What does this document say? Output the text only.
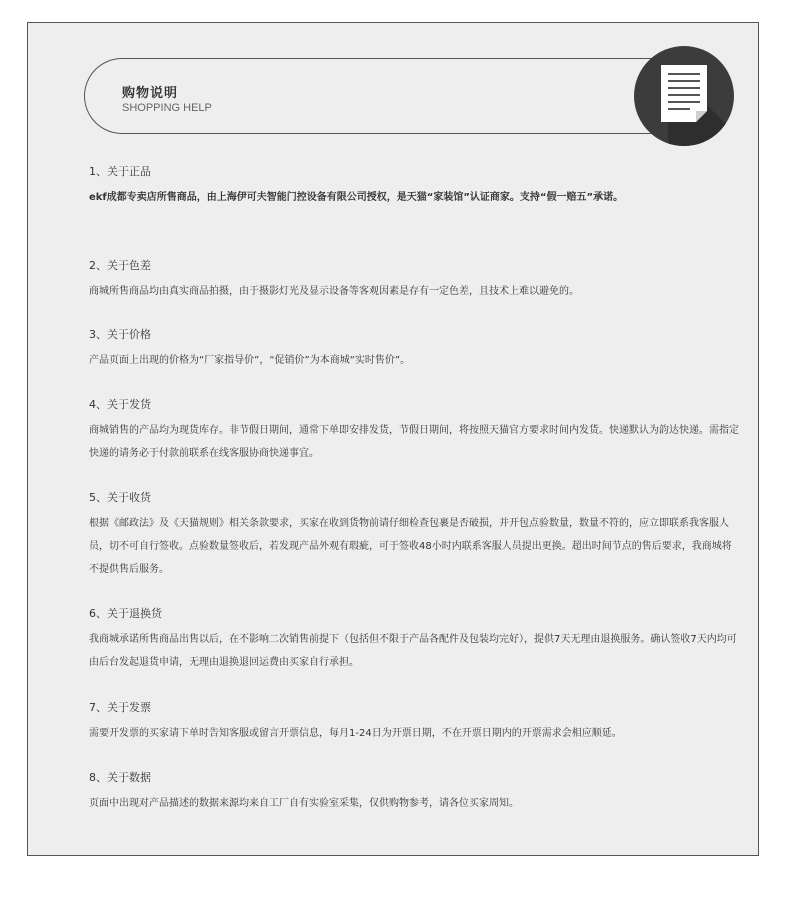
购物说明
SHOPPING HELP
1、关于正品
ekf成都专卖店所售商品，由上海伊可夫智能门控设备有限公司授权，是天猫“家装馆”认证商家。支持“假一赔五”承诺。
2、关于色差
商城所售商品均由真实商品拍摄，由于摄影灯光及显示设备等客观因素是存有一定色差，且技术上难以避免的。
3、关于价格
产品页面上出现的价格为“厂家指导价”，“促销价”为本商城“实时售价”。
4、关于发货
商城销售的产品均为现货库存。非节假日期间，通常下单即安排发货，节假日期间，将按照天猫官方要求时间内发货。快递默认为韵达快递。需指定快递的请务必于付款前联系在线客服协商快递事宜。
5、关于收货
根据《邮政法》及《天猫规则》相关条款要求，买家在收到货物前请仔细检查包裹是否破损，并开包点验数量，数量不符的，应立即联系我客服人员，切不可自行签收。点验数量签收后，若发现产品外观有瑕疵，可于签收48小时内联系客服人员提出更换。超出时间节点的售后要求，我商城将不提供售后服务。
6、关于退换货
我商城承诺所售商品出售以后，在不影响二次销售前提下（包括但不限于产品各配件及包装均完好），提供7天无理由退换服务。确认签收7天内均可由后台发起退货申请，无理由退换退回运费由买家自行承担。
7、关于发票
需要开发票的买家请下单时告知客服或留言开票信息，每月1-24日为开票日期，不在开票日期内的开票需求会相应顺延。
8、关于数据
页面中出现对产品描述的数据来源均来自工厂自有实验室采集，仅供购物参考，请各位买家周知。
